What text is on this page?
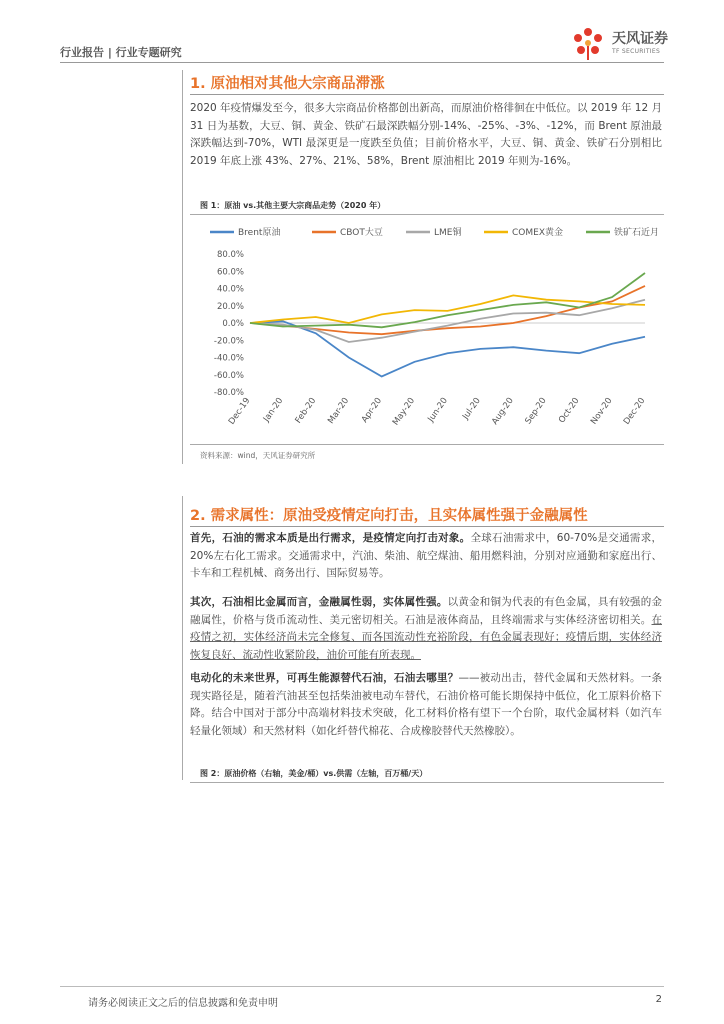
行业报告 | 行业专题研究
天风证券
TF SECURITIES
1. 原油相对其他大宗商品滞涨
2020 年疫情爆发至今，很多大宗商品价格都创出新高，而原油价格徘徊在中低位。以 2019 年 12 月 31 日为基数，大豆、铜、黄金、铁矿石最深跌幅分别-14%、-25%、-3%、-12%，而 Brent 原油最深跌幅达到-70%，WTI 最深更是一度跌至负值；目前价格水平，大豆、铜、黄金、铁矿石分别相比 2019 年底上涨 43%、27%、21%、58%，Brent 原油相比 2019 年则为-16%。
图 1：原油 vs.其他主要大宗商品走势（2020 年）
Brent原油	CBOT大豆	LME铜	COMEX黄金	铁矿石近月
80.0%
60.0%
40.0%
20.0%
0.0%
-20.0%
-40.0%
-60.0%
-80.0%
Dec-19 Jan-20 Feb-20 Mar-20 Apr-20 May-20 Jun-20 Jul-20 Aug-20 Sep-20 Oct-20 Nov-20 Dec-20
资料来源：wind，天风证券研究所
2. 需求属性：原油受疫情定向打击，且实体属性强于金融属性
首先，石油的需求本质是出行需求，是疫情定向打击对象。全球石油需求中，60-70%是交通需求，20%左右化工需求。交通需求中，汽油、柴油、航空煤油、船用燃料油，分别对应通勤和家庭出行、卡车和工程机械、商务出行、国际贸易等。
其次，石油相比金属而言，金融属性弱，实体属性强。以黄金和铜为代表的有色金属，具有较强的金融属性，价格与货币流动性、美元密切相关。石油是液体商品，且终端需求与实体经济密切相关。在疫情之初，实体经济尚未完全修复、而各国流动性充裕阶段，有色金属表现好；疫情后期，实体经济恢复良好、流动性收紧阶段，油价可能有所表现。
电动化的未来世界，可再生能源替代石油，石油去哪里？——被动出击，替代金属和天然材料。一条现实路径是，随着汽油甚至包括柴油被电动车替代，石油价格可能长期保持中低位，化工原料价格下降。结合中国对于部分中高端材料技术突破，化工材料价格有望下一个台阶，取代金属材料（如汽车轻量化领域）和天然材料（如化纤替代棉花、合成橡胶替代天然橡胶）。
图 2：原油价格（右轴，美金/桶）vs.供需（左轴，百万桶/天）
请务必阅读正文之后的信息披露和免责申明	2
